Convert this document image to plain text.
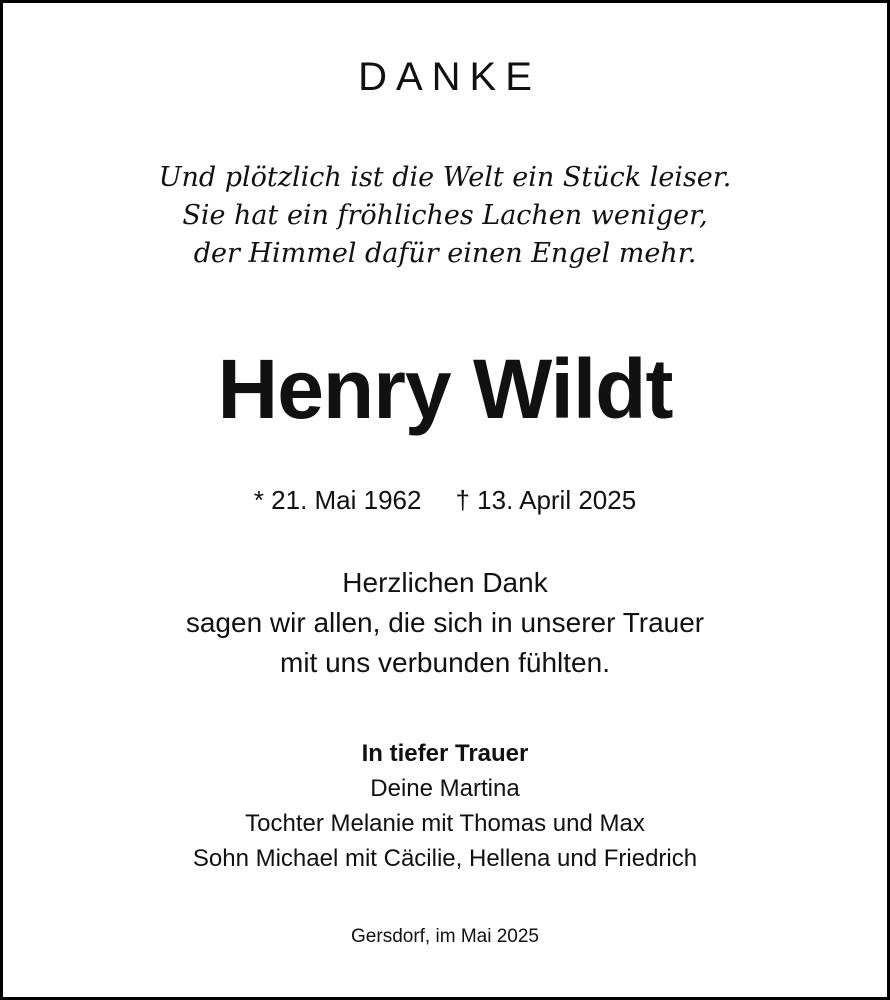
DANKE
Und plötzlich ist die Welt ein Stück leiser.
Sie hat ein fröhliches Lachen weniger,
der Himmel dafür einen Engel mehr.
Henry Wildt
* 21. Mai 1962 † 13. April 2025
Herzlichen Dank
sagen wir allen, die sich in unserer Trauer
mit uns verbunden fühlten.
In tiefer Trauer
Deine Martina
Tochter Melanie mit Thomas und Max
Sohn Michael mit Cäcilie, Hellena und Friedrich
Gersdorf, im Mai 2025
